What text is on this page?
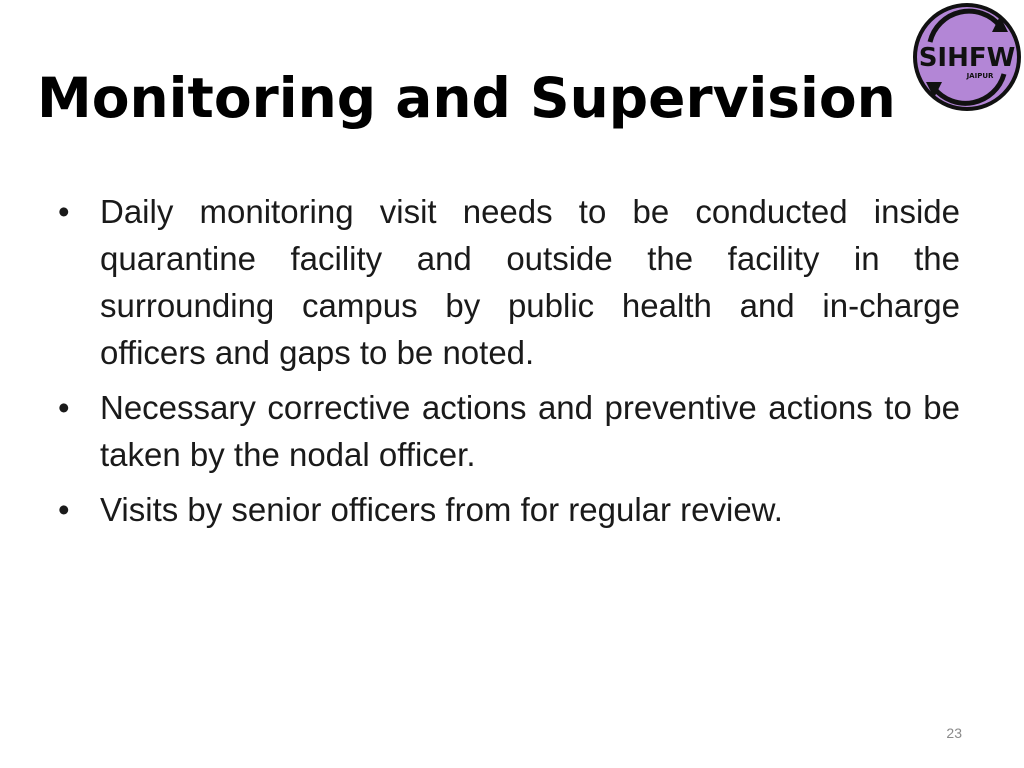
Monitoring and Supervision
SIHFW
JAIPUR
• Daily monitoring visit needs to be conducted inside quarantine facility and outside the facility in the surrounding campus by public health and in-charge officers and gaps to be noted.
• Necessary corrective actions and preventive actions to be taken by the nodal officer.
• Visits by senior officers from for regular review.
23
